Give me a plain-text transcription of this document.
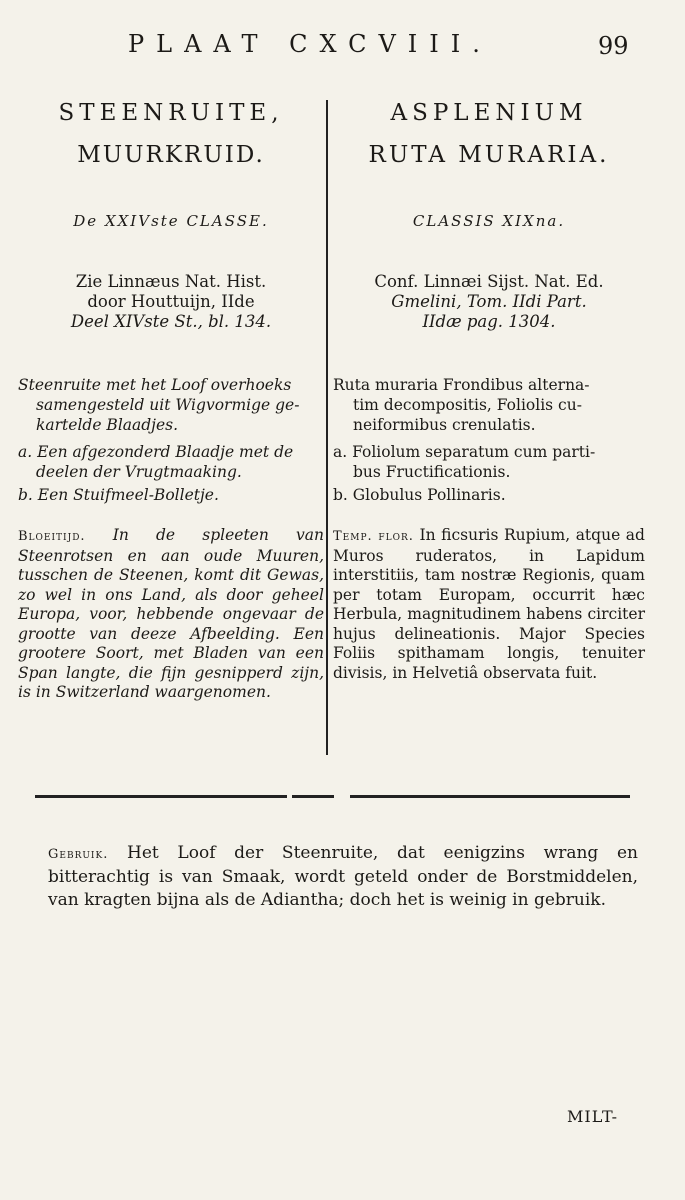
PLAAT CXCVIII.	99
STEENRUITE,
MUURKRUID.
De XXIVste CLASSE.
Zie Linnæus Nat. Hist.
door Houttuijn, IIde
Deel XIVste St., bl. 134.
Steenruite met het Loof overhoeks
samengesteld uit Wigvormige ge-
kartelde Blaadjes.
a. Een afgezonderd Blaadje met de
deelen der Vrugtmaaking.
b. Een Stuifmeel-Bolletje.
Bloeitijd. In de spleeten van Steenrotsen en aan oude Muuren, tusschen de Steenen, komt dit Gewas, zo wel in ons Land, als door geheel Europa, voor, hebbende ongevaar de grootte van deeze Afbeelding. Een grootere Soort, met Bladen van een Span langte, die fijn gesnipperd zijn, is in Switzerland waargenomen.
ASPLENIUM
RUTA MURARIA.
CLASSIS XIXna.
Conf. Linnæi Sijst. Nat. Ed.
Gmelini, Tom. IIdi Part.
IIdæ pag. 1304.
Ruta muraria Frondibus alterna-
tim decompositis, Foliolis cu-
neiformibus crenulatis.
a. Foliolum separatum cum parti-
bus Fructificationis.
b. Globulus Pollinaris.
Temp. flor. In ficsuris Rupium, atque ad Muros ruderatos, in Lapidum interstitiis, tam nostræ Regionis, quam per totam Europam, occurrit hæc Herbula, magnitudinem habens circiter hujus delineationis. Major Species Foliis spithamam longis, tenuiter divisis, in Helvetiâ observata fuit.
Gebruik. Het Loof der Steenruite, dat eenigzins wrang en bitterachtig is van Smaak, wordt geteld onder de Borstmiddelen, van kragten bijna als de Adiantha; doch het is weinig in gebruik.
MILT-
